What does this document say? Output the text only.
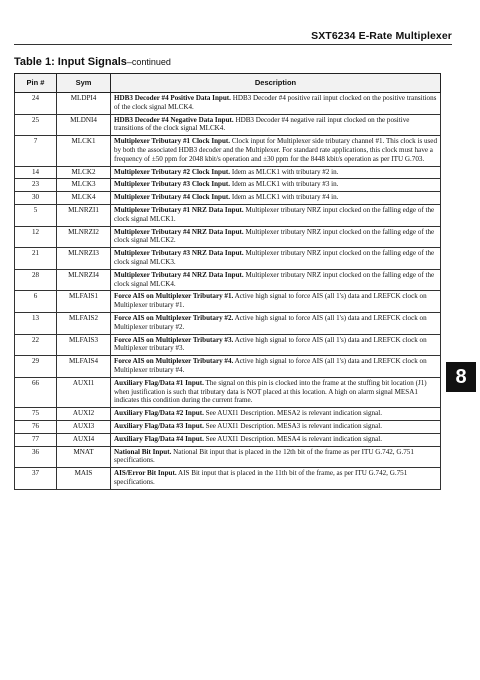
SXT6234 E-Rate Multiplexer
Table 1: Input Signals–continued
Pin #	Sym	Description
24	MLDPI4	HDB3 Decoder #4 Positive Data Input. HDB3 Decoder #4 positive rail input clocked on the positive transitions of the clock signal MLCK4.
25	MLDNI4	HDB3 Decoder #4 Negative Data Input. HDB3 Decoder #4 negative rail input clocked on the positive transitions of the clock signal MLCK4.
7	MLCK1	Multiplexer Tributary #1 Clock Input. Clock input for Multiplexer side tributary channel #1. This clock is used by both the associated HDB3 decoder and the Multiplexer. For standard rate applications, this clock must have a frequency of ±50 ppm for 2048 kbit/s operation and ±30 ppm for the 8448 kbit/s operation as per ITU G.703.
14	MLCK2	Multiplexer Tributary #2 Clock Input. Idem as MLCK1 with tributary #2 in.
23	MLCK3	Multiplexer Tributary #3 Clock Input. Idem as MLCK1 with tributary #3 in.
30	MLCK4	Multiplexer Tributary #4 Clock Input. Idem as MLCK1 with tributary #4 in.
5	MLNRZI1	Multiplexer Tributary #1 NRZ Data Input. Multiplexer tributary NRZ input clocked on the falling edge of the clock signal MLCK1.
12	MLNRZI2	Multiplexer Tributary #4 NRZ Data Input. Multiplexer tributary NRZ input clocked on the falling edge of the clock signal MLCK2.
21	MLNRZI3	Multiplexer Tributary #3 NRZ Data Input. Multiplexer tributary NRZ input clocked on the falling edge of the clock signal MLCK3.
28	MLNRZI4	Multiplexer Tributary #4 NRZ Data Input. Multiplexer tributary NRZ input clocked on the falling edge of the clock signal MLCK4.
6	MLFAIS1	Force AIS on Multiplexer Tributary #1. Active high signal to force AIS (all 1's) data and LREFCK clock on Multiplexer tributary #1.
13	MLFAIS2	Force AIS on Multiplexer Tributary #2. Active high signal to force AIS (all 1's) data and LREFCK clock on Multiplexer tributary #2.
22	MLFAIS3	Force AIS on Multiplexer Tributary #3. Active high signal to force AIS (all 1's) data and LREFCK clock on Multiplexer tributary #3.
29	MLFAIS4	Force AIS on Multiplexer Tributary #4. Active high signal to force AIS (all 1's) data and LREFCK clock on Multiplexer tributary #4.
66	AUXI1	Auxiliary Flag/Data #1 Input. The signal on this pin is clocked into the frame at the stuffing bit location (J1) when justification is such that tributary data is NOT placed at this location. A high on alarm signal MESA1 indicates this condition during the current frame.
75	AUXI2	Auxiliary Flag/Data #2 Input. See AUXI1 Description. MESA2 is relevant indication signal.
76	AUXI3	Auxiliary Flag/Data #3 Input. See AUXI1 Description. MESA3 is relevant indication signal.
77	AUXI4	Auxiliary Flag/Data #4 Input. See AUXI1 Description. MESA4 is relevant indication signal.
36	MNAT	National Bit Input. National Bit input that is placed in the 12th bit of the frame as per ITU G.742, G.751 specifications.
37	MAIS	AIS/Error Bit Input. AIS Bit input that is placed in the 11th bit of the frame, as per ITU G.742, G.751 specifications.
8
